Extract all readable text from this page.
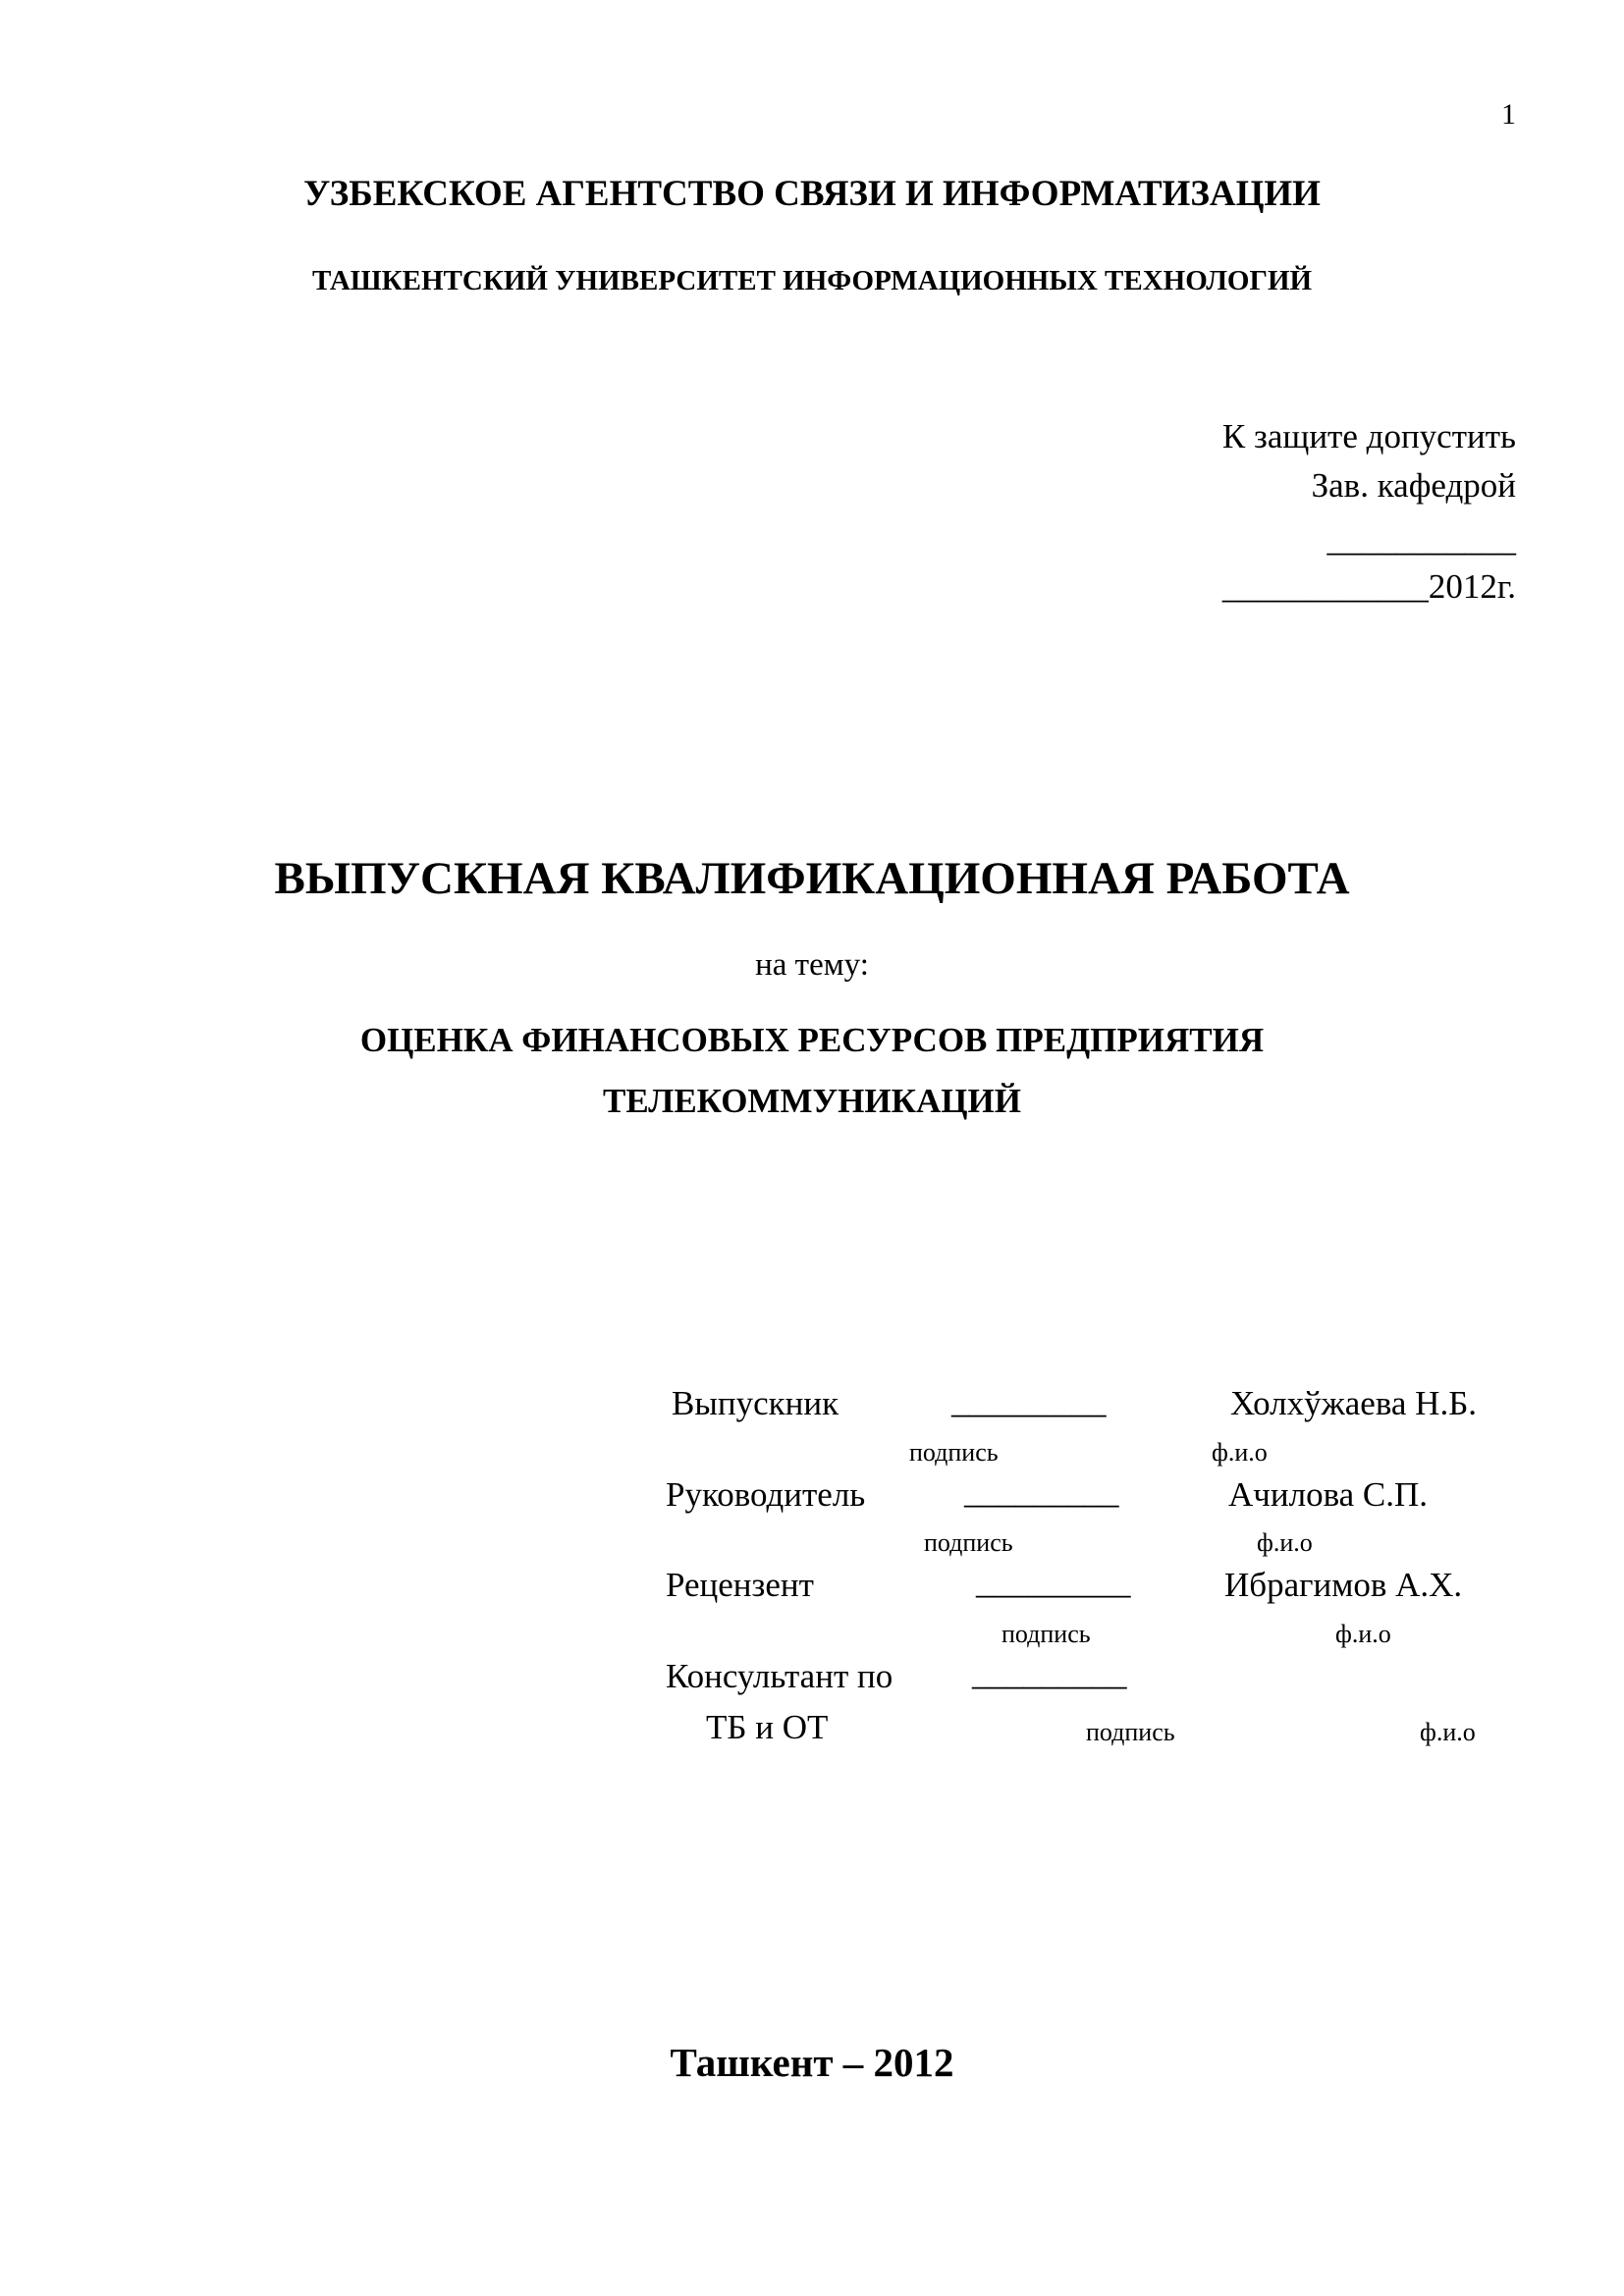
1
УЗБЕКСКОЕ АГЕНТСТВО СВЯЗИ И ИНФОРМАТИЗАЦИИ
ТАШКЕНТСКИЙ УНИВЕРСИТЕТ ИНФОРМАЦИОННЫХ ТЕХНОЛОГИЙ
К защите допустить
Зав. кафедрой
___________
____________2012г.
ВЫПУСКНАЯ КВАЛИФИКАЦИОННАЯ РАБОТА
на тему:
ОЦЕНКА ФИНАНСОВЫХ РЕСУРСОВ ПРЕДПРИЯТИЯ
ТЕЛЕКОММУНИКАЦИЙ
Выпускник	_________	Холхўжаева Н.Б.
подпись	ф.и.о
Руководитель	_________	Ачилова С.П.
подпись	ф.и.о
Рецензент	_________	Ибрагимов А.Х.
подпись	ф.и.о
Консультант по _________
ТБ и ОТ	подпись	ф.и.о
Ташкент – 2012
